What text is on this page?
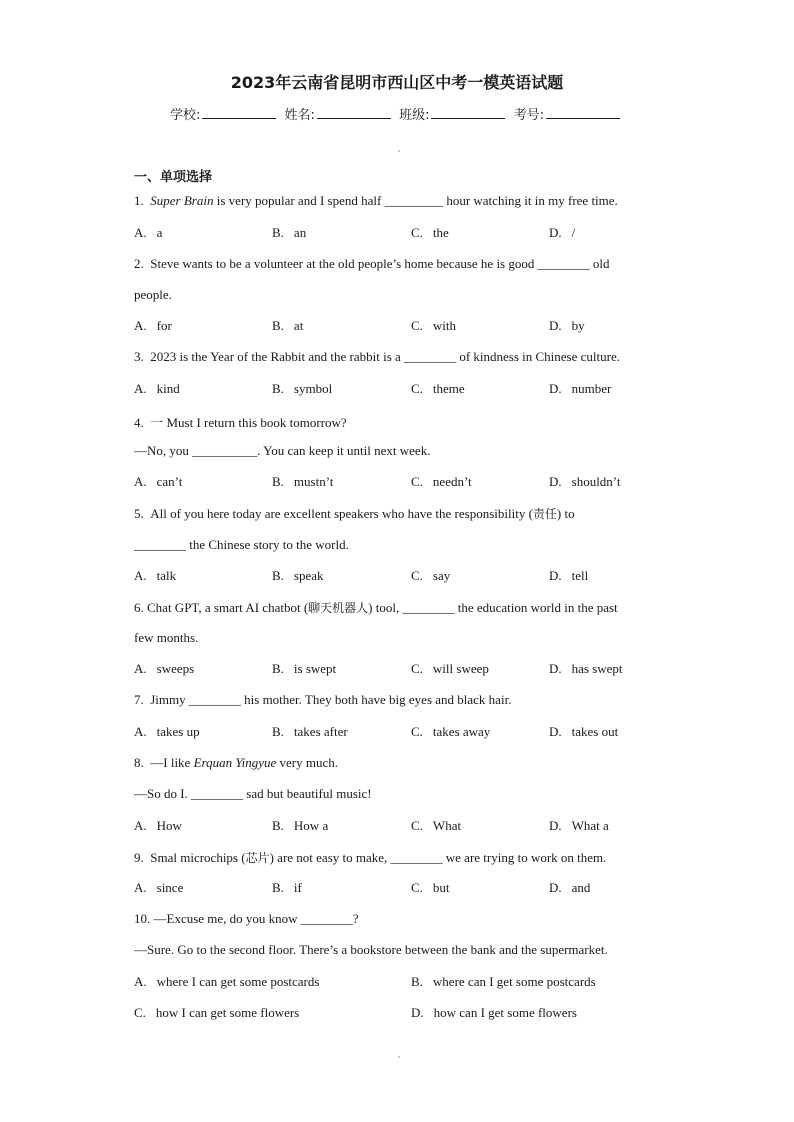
2023年云南省昆明市西山区中考一模英语试题
学校:	姓名:	班级:	考号:
一、单项选择
1. Super Brain is very popular and I spend half _________ hour watching it in my free time.
A. a	B. an	C. the	D. /
2. Steve wants to be a volunteer at the old people’s home because he is good ________ old
people.
A. for	B. at	C. with	D. by
3. 2023 is the Year of the Rabbit and the rabbit is a ________ of kindness in Chinese culture.
A. kind	B. symbol	C. theme	D. number
4. 一 Must I return this book tomorrow?
—No, you __________. You can keep it until next week.
A. can’t	B. mustn’t	C. needn’t	D. shouldn’t
5. All of you here today are excellent speakers who have the responsibility (责任) to
________ the Chinese story to the world.
A. talk	B. speak	C. say	D. tell
6. Chat GPT, a smart AI chatbot (聊天机器人) tool, ________ the education world in the past
few months.
A. sweeps	B. is swept	C. will sweep	D. has swept
7. Jimmy ________ his mother. They both have big eyes and black hair.
A. takes up	B. takes after	C. takes away	D. takes out
8. —I like Erquan Yingyue very much.
—So do I. ________ sad but beautiful music!
A. How	B. How a	C. What	D. What a
9. Smal microchips (芯片) are not easy to make, ________ we are trying to work on them.
A. since	B. if	C. but	D. and
10. —Excuse me, do you know ________?
—Sure. Go to the second floor. There’s a bookstore between the bank and the supermarket.
A. where I can get some postcards	B. where can I get some postcards
C. how I can get some flowers	D. how can I get some flowers
